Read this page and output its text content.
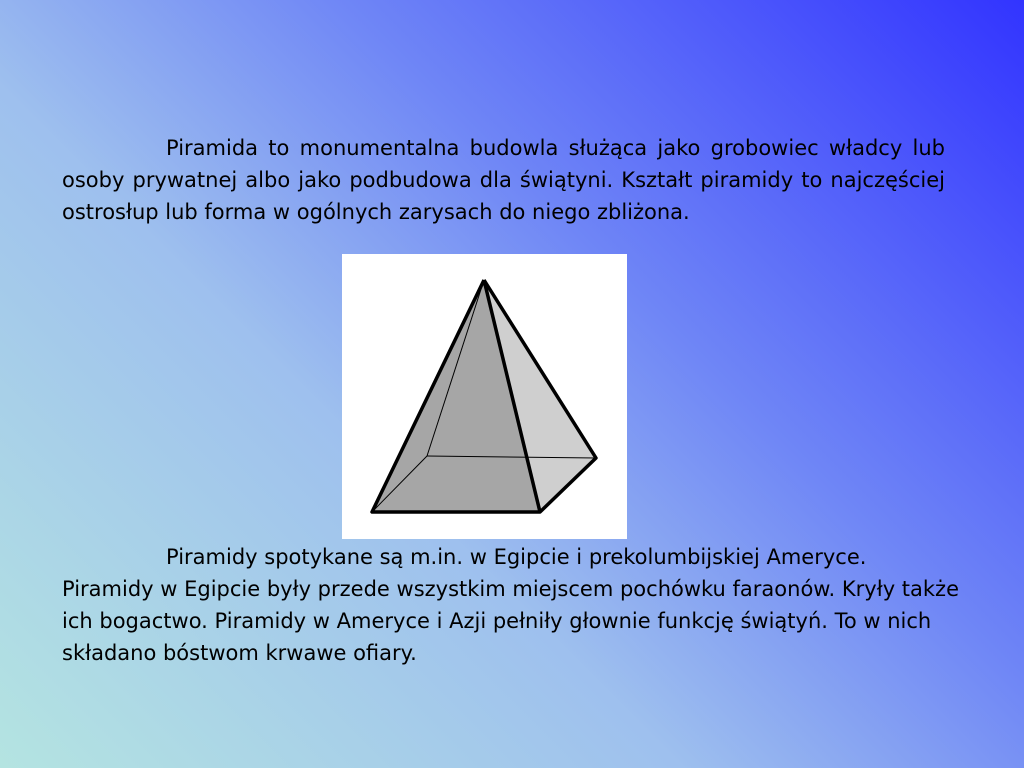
Piramida to monumentalna budowla służąca jako grobowiec władcy lub osoby prywatnej albo jako podbudowa dla świątyni. Kształt piramidy to najczęściej ostrosłup lub forma w ogólnych zarysach do niego zbliżona.

Piramidy spotykane są m.in. w Egipcie i prekolumbijskiej Ameryce. Piramidy w Egipcie były przede wszystkim miejscem pochówku faraonów. Kryły także ich bogactwo. Piramidy w Ameryce i Azji pełniły głownie funkcję świątyń. To w nich składano bóstwom krwawe ofiary.
